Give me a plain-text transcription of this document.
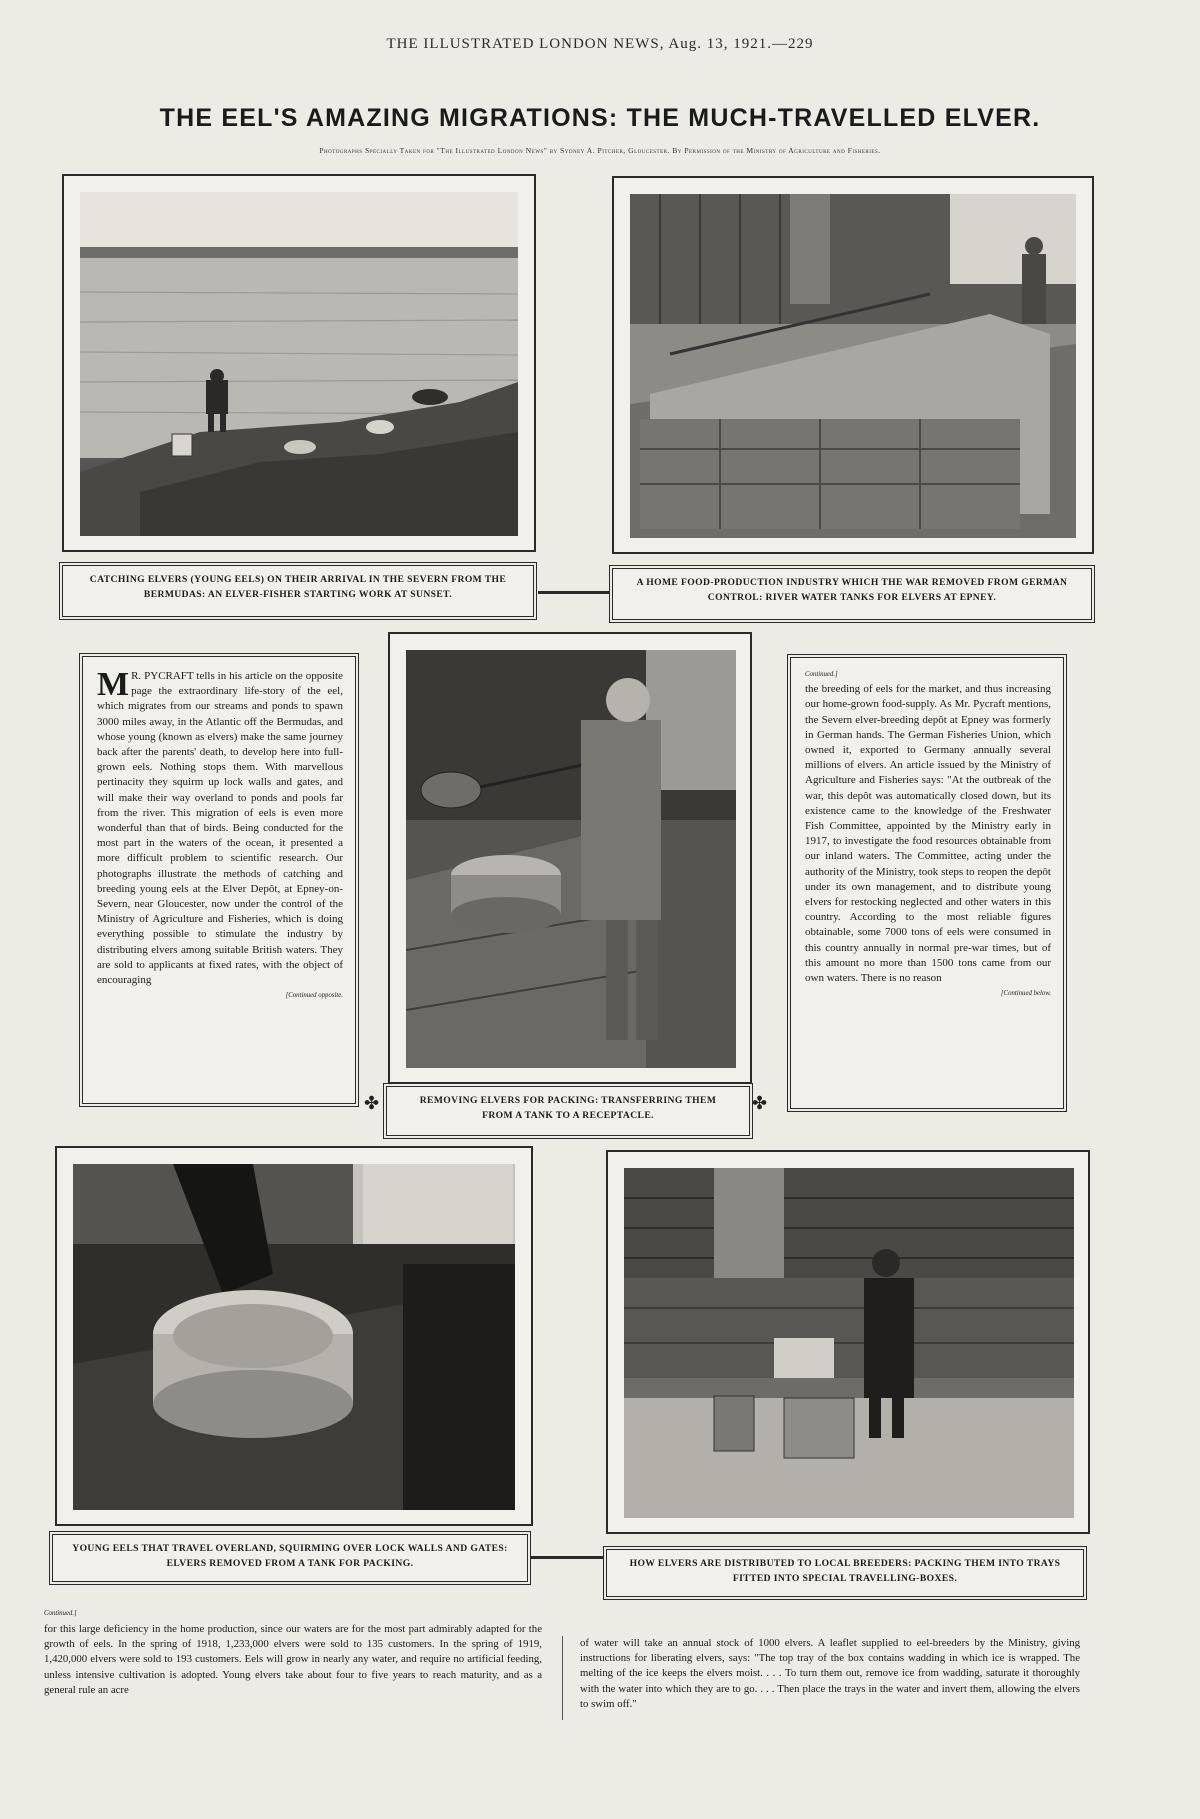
THE ILLUSTRATED LONDON NEWS, Aug. 13, 1921.—229
THE EEL'S AMAZING MIGRATIONS: THE MUCH-TRAVELLED ELVER.
Photographs Specially Taken for "The Illustrated London News" by Sydney A. Pitcher, Gloucester. By Permission of the Ministry of Agriculture and Fisheries.
CATCHING ELVERS (YOUNG EELS) ON THEIR ARRIVAL IN THE SEVERN FROM THE BERMUDAS: AN ELVER-FISHER STARTING WORK AT SUNSET.
A HOME FOOD-PRODUCTION INDUSTRY WHICH THE WAR REMOVED FROM GERMAN CONTROL: RIVER WATER TANKS FOR ELVERS AT EPNEY.
M R. PYCRAFT tells in his article on the opposite page the extraordinary life-story of the eel, which migrates from our streams and ponds to spawn 3000 miles away, in the Atlantic off the Bermudas, and whose young (known as elvers) make the same journey back after the parents' death, to develop here into full-grown eels. Nothing stops them. With marvellous pertinacity they squirm up lock walls and gates, and will make their way overland to ponds and pools far from the river. This migration of eels is even more wonderful than that of birds. Being conducted for the most part in the waters of the ocean, it presented a more difficult problem to scientific research. Our photographs illustrate the methods of catching and breeding young eels at the Elver Depôt, at Epney-on-Severn, near Gloucester, now under the control of the Ministry of Agriculture and Fisheries, which is doing everything possible to stimulate the industry by distributing elvers among suitable British waters. They are sold to applicants at fixed rates, with the object of encouraging
[Continued opposite.
Continued.]
the breeding of eels for the market, and thus increasing our home-grown food-supply. As Mr. Pycraft mentions, the Severn elver-breeding depôt at Epney was formerly in German hands. The German Fisheries Union, which owned it, exported to Germany annually several millions of elvers. An article issued by the Ministry of Agriculture and Fisheries says: "At the outbreak of the war, this depôt was automatically closed down, but its existence came to the knowledge of the Freshwater Fish Committee, appointed by the Ministry early in 1917, to investigate the food resources obtainable from our inland waters. The Committee, acting under the authority of the Ministry, took steps to reopen the depôt under its own management, and to distribute young elvers for restocking neglected and other waters in this country. According to the most reliable figures obtainable, some 7000 tons of eels were consumed in this country annually in normal pre-war times, but of this amount no more than 1500 tons came from our own waters. There is no reason
[Continued below.
✤	REMOVING ELVERS FOR PACKING: TRANSFERRING THEM FROM A TANK TO A RECEPTACLE.
✤
YOUNG EELS THAT TRAVEL OVERLAND, SQUIRMING OVER LOCK WALLS AND GATES: ELVERS REMOVED FROM A TANK FOR PACKING.	HOW ELVERS ARE DISTRIBUTED TO LOCAL BREEDERS: PACKING THEM INTO TRAYS FITTED INTO SPECIAL TRAVELLING-BOXES.
Continued.]
for this large deficiency in the home production, since our waters are for the most part admirably adapted for the growth of eels. In the spring of 1918, 1,233,000 elvers were sold to 135 customers. In the spring of 1919, 1,420,000 elvers were sold to 193 customers. Eels will grow in nearly any water, and require no artificial feeding, unless intensive cultivation is adopted. Young elvers take about four to five years to reach maturity, and as a general rule an acre
of water will take an annual stock of 1000 elvers. A leaflet supplied to eel-breeders by the Ministry, giving instructions for liberating elvers, says: "The top tray of the box contains wadding in which ice is wrapped. The melting of the ice keeps the elvers moist. . . . To turn them out, remove ice from wadding, saturate it thoroughly with the water into which they are to go. . . . Then place the trays in the water and invert them, allowing the elvers to swim off."
